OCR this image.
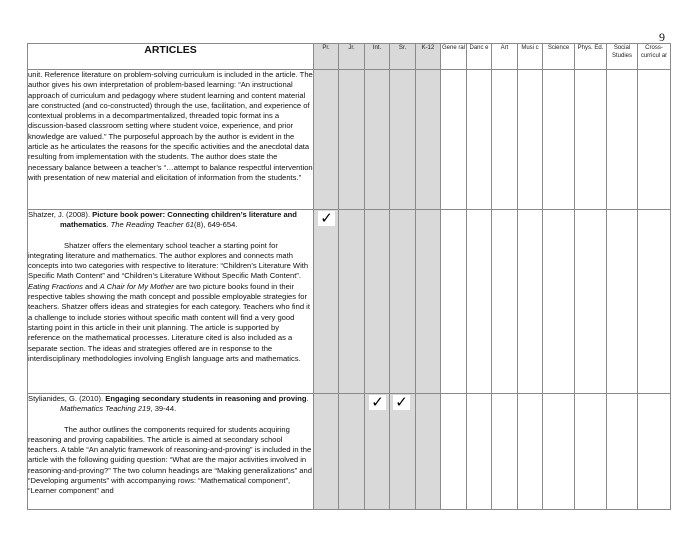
9
ARTICLES	Pr.	Jr.	Int.	Sr.	K-12	Gene ral	Danc e	Art	Musi c	Science	Phys. Ed.	Social Studies	Cross-curricul ar

unit. Reference literature on problem-solving curriculum is included in the article. The author gives his own interpretation of problem-based learning: “An instructional approach of curriculum and pedagogy where student learning and content material are constructed (and co-constructed) through the use, facilitation, and experience of contextual problems in a decompartmentalized, threaded topic format ins a discussion-based classroom setting where student voice, experience, and prior knowledge are valued.” The purposeful approach by the author is evident in the article as he articulates the reasons for the specific activities and the anecdotal data resulting from implementation with the students. The author does state the necessary balance between a teacher’s “…attempt to balance respectful intervention with presentation of new material and elicitation of information from the students.”													

Shatzer, J. (2008). Picture book power: Connecting children’s literature and mathematics. The Reading Teacher 61(8), 649-654.
Shatzer offers the elementary school teacher a starting point for integrating literature and mathematics. The author explores and connects math concepts into two categories with respective to literature: “Children’s Literature With Specific Math Content” and “Children’s Literature Without Specific Math Content”. Eating Fractions and A Chair for My Mother are two picture books found in their respective tables showing the math concept and possible employable strategies for teachers. Shatzer offers ideas and strategies for each category. Teachers who find it a challenge to include stories without specific math content will find a very good starting point in this article in their unit planning. The article is supported by reference on the mathematical processes. Literature cited is also included as a separate section. The ideas and strategies offered are in response to the interdisciplinary methodologies involving English language arts and mathematics.	✓												

Stylianides, G. (2010). Engaging secondary students in reasoning and proving. Mathematics Teaching 219, 39-44.
The author outlines the components required for students acquiring reasoning and proving capabilities. The article is aimed at secondary school teachers. A table “An analytic framework of reasoning-and-proving” is included in the article with the following guiding question: “What are the major activities involved in reasoning-and-proving?” The two column headings are “Making generalizations” and “Developing arguments” with accompanying rows: “Mathematical component”, “Learner component” and			✓	✓									
